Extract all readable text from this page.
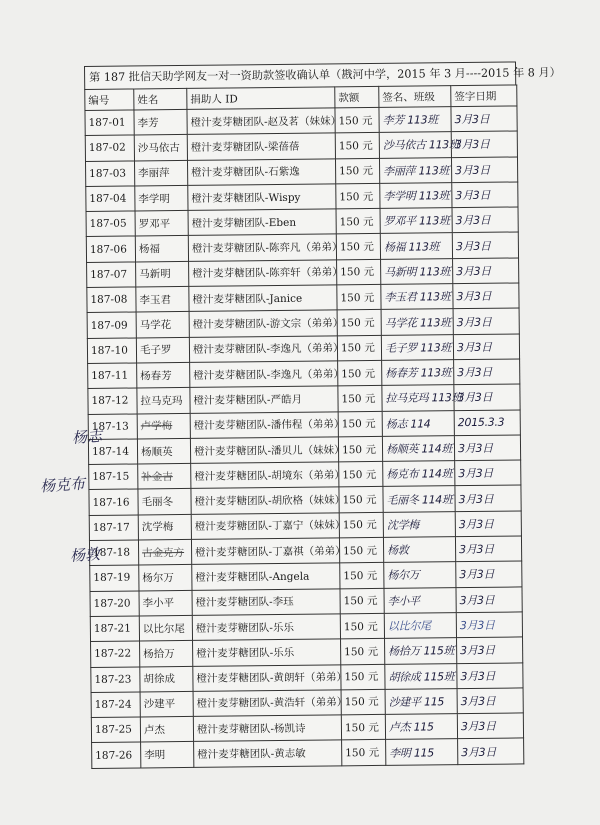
第 187 批信天助学网友一对一资助款签收确认单（戡河中学，2015 年 3 月----2015 年 8 月）
编号	姓名	捐助人 ID	款额	签名、班级	签字日期
187-01	李芳	橙汁麦芽糖团队-赵及茗（妹妹）	150 元	李芳 113班	3月3日
187-02	沙马依古	橙汁麦芽糖团队-梁蓓蓓	150 元	沙马依古 113班	3月3日
187-03	李丽萍	橙汁麦芽糖团队-石紫逸	150 元	李丽萍 113班	3月3日
187-04	李学明	橙汁麦芽糖团队-Wispy	150 元	李学明 113班	3月3日
187-05	罗邓平	橙汁麦芽糖团队-Eben	150 元	罗邓平 113班	3月3日
187-06	杨福	橙汁麦芽糖团队-陈弈凡（弟弟）	150 元	杨福 113班	3月3日
187-07	马新明	橙汁麦芽糖团队-陈弈轩（弟弟）	150 元	马新明 113班	3月3日
187-08	李玉君	橙汁麦芽糖团队-Janice	150 元	李玉君 113班	3月3日
187-09	马学花	橙汁麦芽糖团队-游文宗（弟弟）	150 元	马学花 113班	3月3日
187-10	毛子罗	橙汁麦芽糖团队-李逸凡（弟弟）	150 元	毛子罗 113班	3月3日
187-11	杨春芳	橙汁麦芽糖团队-李逸凡（弟弟）	150 元	杨春芳 113班	3月3日
187-12	拉马克玛	橙汁麦芽糖团队-严皓月	150 元	拉马克玛 113班	3月3日
187-13	卢学梅	橙汁麦芽糖团队-潘伟程（弟弟）	150 元	杨志 114	2015.3.3
187-14	杨顺英	橙汁麦芽糖团队-潘贝儿（妹妹）	150 元	杨顺英 114班	3月3日
187-15	补金吉	橙汁麦芽糖团队-胡境东（弟弟）	150 元	杨克布 114班	3月3日
187-16	毛丽冬	橙汁麦芽糖团队-胡欣格（妹妹）	150 元	毛丽冬 114班	3月3日
187-17	沈学梅	橙汁麦芽糖团队-丁嘉宁（妹妹）	150 元	沈学梅	3月3日
187-18	古金克方	橙汁麦芽糖团队-丁嘉祺（弟弟）	150 元	杨敦	3月3日
187-19	杨尔万	橙汁麦芽糖团队-Angela	150 元	杨尔万	3月3日
187-20	李小平	橙汁麦芽糖团队-李珏	150 元	李小平	3月3日
187-21	以比尔尾	橙汁麦芽糖团队-乐乐	150 元	以比尔尾	3月3日
187-22	杨拾万	橙汁麦芽糖团队-乐乐	150 元	杨拾万 115班	3月3日
187-23	胡徐成	橙汁麦芽糖团队-黄朗轩（弟弟）	150 元	胡徐成 115班	3月3日
187-24	沙建平	橙汁麦芽糖团队-黄浩轩（弟弟）	150 元	沙建平 115	3月3日
187-25	卢杰	橙汁麦芽糖团队-杨凯诗	150 元	卢杰 115	3月3日
187-26	李明	橙汁麦芽糖团队-黄志敏	150 元	李明 115	3月3日
杨志
杨克布
杨敦
